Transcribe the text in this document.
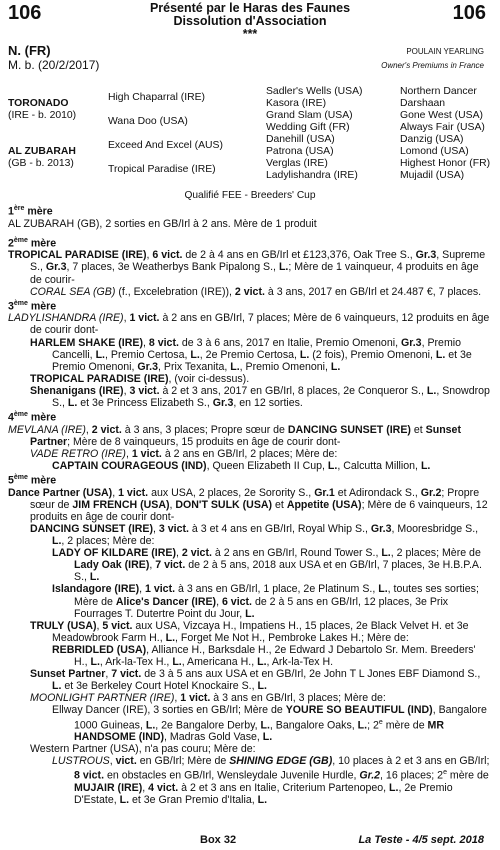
106	Présenté par le Haras des Faunes
Dissolution d'Association
***
106
N. (FR)
M. b. (20/2/2017)
POULAIN YEARLING
Owner's Premiums in France
TORONADO
(IRE - b. 2010)
AL ZUBARAH
(GB - b. 2013)
High Chaparral (IRE)
Wana Doo (USA)
Exceed And Excel (AUS)
Tropical Paradise (IRE)
Sadler's Wells (USA)
Kasora (IRE)
Grand Slam (USA)
Wedding Gift (FR)
Danehill (USA)
Patrona (USA)
Verglas (IRE)
Ladylishandra (IRE)
Northern Dancer
Darshaan
Gone West (USA)
Always Fair (USA)
Danzig (USA)
Lomond (USA)
Highest Honor (FR)
Mujadil (USA)
Qualifié FEE - Breeders' Cup

1ère mère

AL ZUBARAH (GB), 2 sorties en GB/Irl à 2 ans. Mère de 1 produit

2ème mère

TROPICAL PARADISE (IRE), 6 vict. de 2 à 4 ans en GB/Irl et £123,376, Oak Tree S., Gr.3, Supreme S., Gr.3, 7 places, 3e Weatherbys Bank Pipalong S., L.; Mère de 1 vainqueur, 4 produits en âge de courir-

CORAL SEA (GB) (f., Excelebration (IRE)), 2 vict. à 3 ans, 2017 en GB/Irl et 24.487 €, 7 places.

3ème mère

LADYLISHANDRA (IRE), 1 vict. à 2 ans en GB/Irl, 7 places; Mère de 6 vainqueurs, 12 produits en âge de courir dont-

HARLEM SHAKE (IRE), 8 vict. de 3 à 6 ans, 2017 en Italie, Premio Omenoni, Gr.3, Premio Cancelli, L., Premio Certosa, L., 2e Premio Certosa, L. (2 fois), Premio Omenoni, L. et 3e Premio Omenoni, Gr.3, Prix Texanita, L., Premio Omenoni, L.

TROPICAL PARADISE (IRE), (voir ci-dessus).

Shenanigans (IRE), 3 vict. à 2 et 3 ans, 2017 en GB/Irl, 8 places, 2e Conqueror S., L., Snowdrop S., L. et 3e Princess Elizabeth S., Gr.3, en 12 sorties.

4ème mère

MEVLANA (IRE), 2 vict. à 3 ans, 3 places; Propre sœur de DANCING SUNSET (IRE) et Sunset Partner; Mère de 8 vainqueurs, 15 produits en âge de courir dont-

VADE RETRO (IRE), 1 vict. à 2 ans en GB/Irl, 2 places; Mère de:

CAPTAIN COURAGEOUS (IND), Queen Elizabeth II Cup, L., Calcutta Million, L.

5ème mère

Dance Partner (USA), 1 vict. aux USA, 2 places, 2e Sorority S., Gr.1 et Adirondack S., Gr.2; Propre sœur de JIM FRENCH (USA), DON'T SULK (USA) et Appetite (USA); Mère de 6 vainqueurs, 12 produits en âge de courir dont-

DANCING SUNSET (IRE), 3 vict. à 3 et 4 ans en GB/Irl, Royal Whip S., Gr.3, Mooresbridge S., L., 2 places; Mère de:

LADY OF KILDARE (IRE), 2 vict. à 2 ans en GB/Irl, Round Tower S., L., 2 places; Mère de Lady Oak (IRE), 7 vict. de 2 à 5 ans, 2018 aux USA et en GB/Irl, 7 places, 3e H.B.P.A. S., L.

Islandagore (IRE), 1 vict. à 3 ans en GB/Irl, 1 place, 2e Platinum S., L., toutes ses sorties; Mère de Alice's Dancer (IRE), 6 vict. de 2 à 5 ans en GB/Irl, 12 places, 3e Prix Fourrages T. Dutertre Point du Jour, L.

TRULY (USA), 5 vict. aux USA, Vizcaya H., Impatiens H., 15 places, 2e Black Velvet H. et 3e Meadowbrook Farm H., L., Forget Me Not H., Pembroke Lakes H.; Mère de:

REBRIDLED (USA), Alliance H., Barksdale H., 2e Edward J Debartolo Sr. Mem. Breeders' H., L., Ark-la-Tex H., L., Americana H., L., Ark-la-Tex H.

Sunset Partner, 7 vict. de 3 à 5 ans aux USA et en GB/Irl, 2e John T L Jones EBF Diamond S., L. et 3e Berkeley Court Hotel Knockaire S., L.

MOONLIGHT PARTNER (IRE), 1 vict. à 3 ans en GB/Irl, 3 places; Mère de:

Ellway Dancer (IRE), 3 sorties en GB/Irl; Mère de YOURE SO BEAUTIFUL (IND), Bangalore 1000 Guineas, L., 2e Bangalore Derby, L., Bangalore Oaks, L.; 2e mère de MR HANDSOME (IND), Madras Gold Vase, L.

Western Partner (USA), n'a pas couru; Mère de:

LUSTROUS, vict. en GB/Irl; Mère de SHINING EDGE (GB), 10 places à 2 et 3 ans en GB/Irl; 8 vict. en obstacles en GB/Irl, Wensleydale Juvenile Hurdle, Gr.2, 16 places; 2e mère de MUJAIR (IRE), 4 vict. à 2 et 3 ans en Italie, Criterium Partenopeo, L., 2e Premio D'Estate, L. et 3e Gran Premio d'Italia, L.

Box 32	La Teste - 4/5 sept. 2018
